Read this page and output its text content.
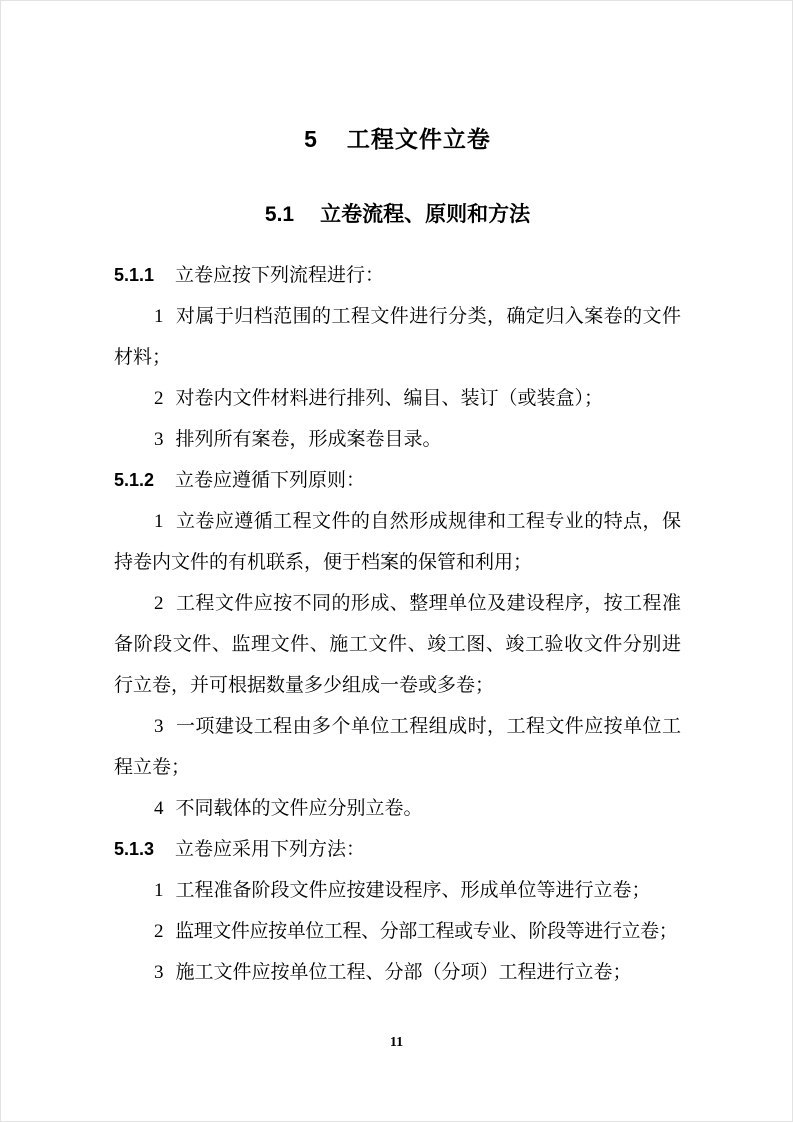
5 工程文件立卷
5.1 立卷流程、原则和方法

5.1.1 立卷应按下列流程进行：

1 对属于归档范围的工程文件进行分类，确定归入案卷的文件材料；

2 对卷内文件材料进行排列、编目、装订（或装盒）；

3 排列所有案卷，形成案卷目录。

5.1.2 立卷应遵循下列原则：

1 立卷应遵循工程文件的自然形成规律和工程专业的特点，保持卷内文件的有机联系，便于档案的保管和利用；

2 工程文件应按不同的形成、整理单位及建设程序，按工程准备阶段文件、监理文件、施工文件、竣工图、竣工验收文件分别进行立卷，并可根据数量多少组成一卷或多卷；

3 一项建设工程由多个单位工程组成时，工程文件应按单位工程立卷；

4 不同载体的文件应分别立卷。

5.1.3 立卷应采用下列方法：

1 工程准备阶段文件应按建设程序、形成单位等进行立卷；

2 监理文件应按单位工程、分部工程或专业、阶段等进行立卷；

3 施工文件应按单位工程、分部（分项）工程进行立卷；

11
